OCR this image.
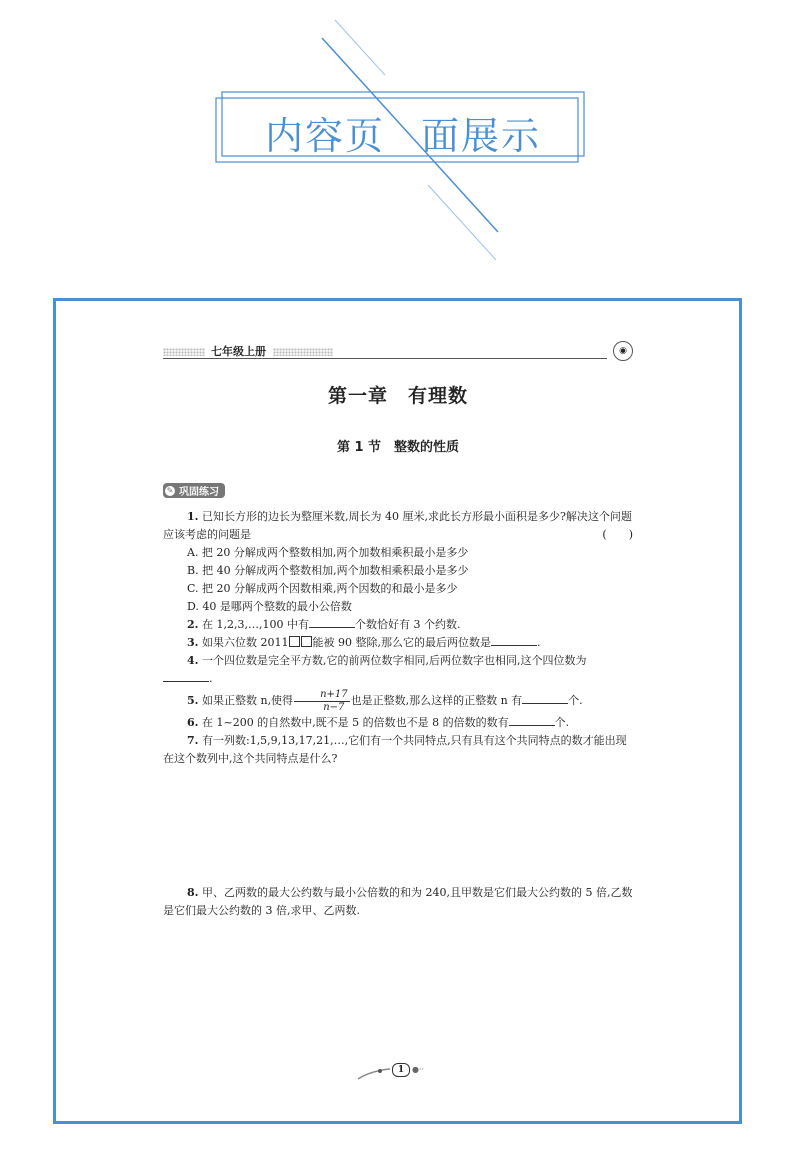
内容页 面展示
七年级上册	◉
第一章　有理数
第 1 节　整数的性质
✎ 巩固练习

1. 已知长方形的边长为整厘米数,周长为 40 厘米,求此长方形最小面积是多少?解决这个问题应该考虑的问题是	(　　)

A. 把 20 分解成两个整数相加,两个加数相乘积最小是多少

B. 把 40 分解成两个整数相加,两个加数相乘积最小是多少

C. 把 20 分解成两个因数相乘,两个因数的和最小是多少

D. 40 是哪两个整数的最小公倍数

2. 在 1,2,3,…,100 中有	个数恰好有 3 个约数.

3. 如果六位数 2011 能被 90 整除,那么它的最后两位数是	.

4. 一个四位数是完全平方数,它的前两位数字相同,后两位数字也相同,这个四位数为

.

5. 如果正整数 n,使得 $\frac{n+17}{n-7}$ 也是正整数,那么这样的正整数 n 有	个.

6. 在 1~200 的自然数中,既不是 5 的倍数也不是 8 的倍数的数有	个.

7. 有一列数:1,5,9,13,17,21,…,它们有一个共同特点,只有具有这个共同特点的数才能出现在这个数列中,这个共同特点是什么?

8. 甲、乙两数的最大公约数与最小公倍数的和为 240,且甲数是它们最大公约数的 5 倍,乙数是它们最大公约数的 3 倍,求甲、乙两数.

1 ●··
